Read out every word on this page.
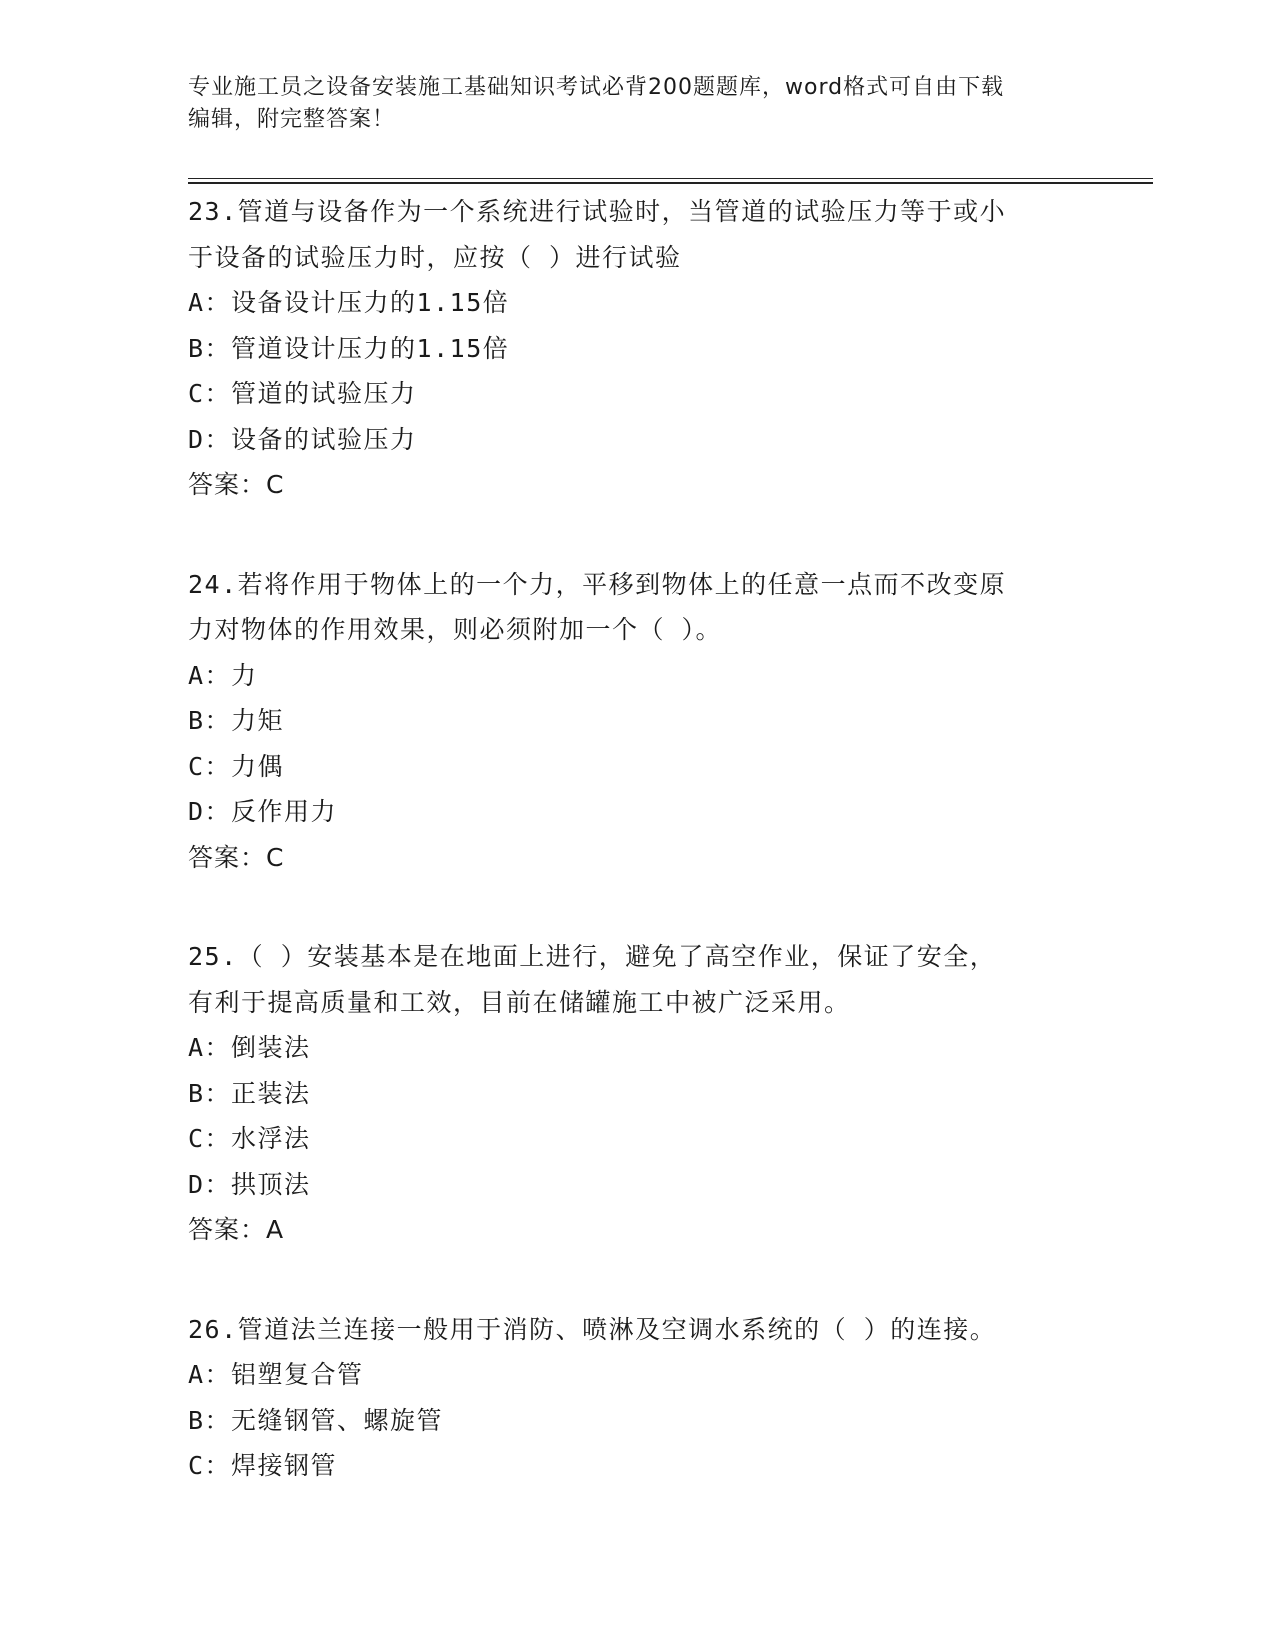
专业施工员之设备安装施工基础知识考试必背200题题库，word格式可自由下载
编辑，附完整答案！
23.管道与设备作为一个系统进行试验时，当管道的试验压力等于或小
于设备的试验压力时，应按（ ）进行试验
A：设备设计压力的1.15倍
B：管道设计压力的1.15倍
C：管道的试验压力
D：设备的试验压力
答案：C
24.若将作用于物体上的一个力，平移到物体上的任意一点而不改变原
力对物体的作用效果，则必须附加一个（ ）。
A：力
B：力矩
C：力偶
D：反作用力
答案：C
25.（ ）安装基本是在地面上进行，避免了高空作业，保证了安全，
有利于提高质量和工效，目前在储罐施工中被广泛采用。
A：倒装法
B：正装法
C：水浮法
D：拱顶法
答案：A
26.管道法兰连接一般用于消防、喷淋及空调水系统的（ ）的连接。
A：铝塑复合管
B：无缝钢管、螺旋管
C：焊接钢管
